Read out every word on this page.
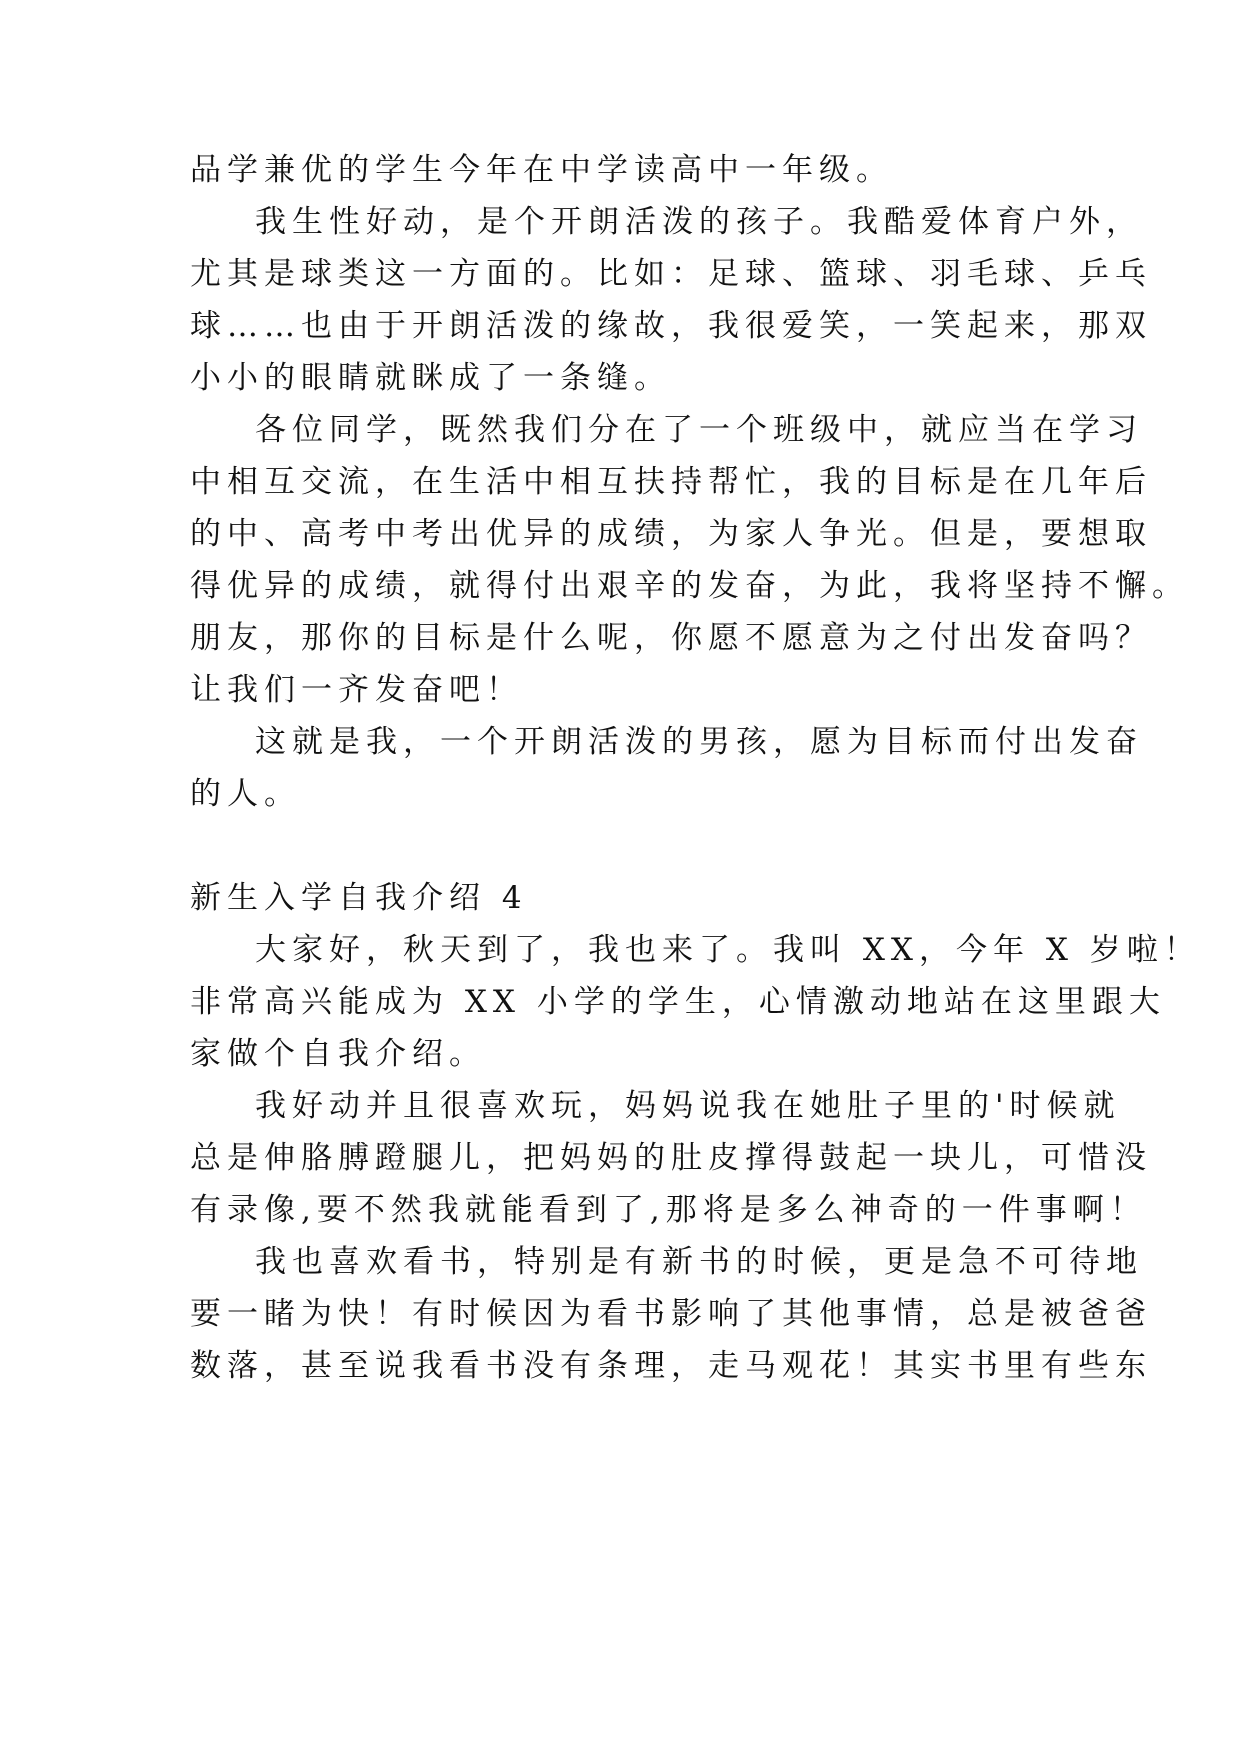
品学兼优的学生今年在中学读高中一年级。
我生性好动，是个开朗活泼的孩子。我酷爱体育户外，
尤其是球类这一方面的。比如：足球、篮球、羽毛球、乒乓
球……也由于开朗活泼的缘故，我很爱笑，一笑起来，那双
小小的眼睛就眯成了一条缝。
各位同学，既然我们分在了一个班级中，就应当在学习
中相互交流，在生活中相互扶持帮忙，我的目标是在几年后
的中、高考中考出优异的成绩，为家人争光。但是，要想取
得优异的成绩，就得付出艰辛的发奋，为此，我将坚持不懈。
朋友，那你的目标是什么呢，你愿不愿意为之付出发奋吗？
让我们一齐发奋吧！
这就是我，一个开朗活泼的男孩，愿为目标而付出发奋
的人。
新生入学自我介绍 4
大家好，秋天到了，我也来了。我叫 XX，今年 X 岁啦！
非常高兴能成为 XX 小学的学生，心情激动地站在这里跟大
家做个自我介绍。
我好动并且很喜欢玩，妈妈说我在她肚子里的'时候就
总是伸胳膊蹬腿儿，把妈妈的肚皮撑得鼓起一块儿，可惜没
有录像,要不然我就能看到了,那将是多么神奇的一件事啊！
我也喜欢看书，特别是有新书的时候，更是急不可待地
要一睹为快！有时候因为看书影响了其他事情，总是被爸爸
数落，甚至说我看书没有条理，走马观花！其实书里有些东
